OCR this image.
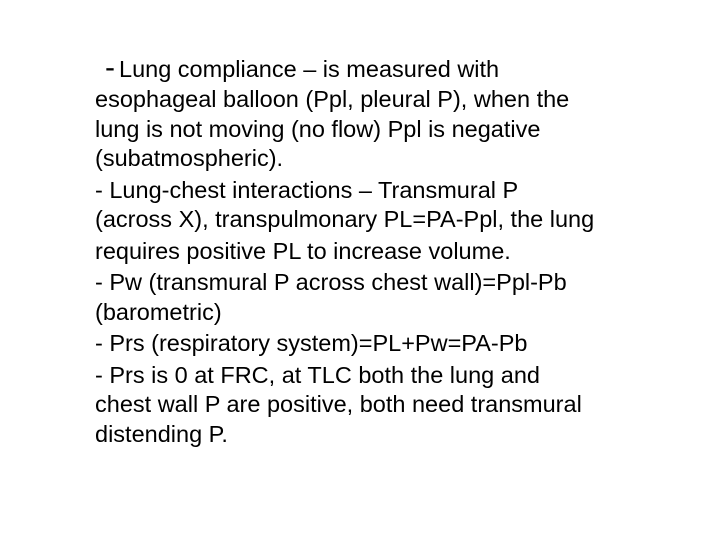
- Lung compliance – is measured with
esophageal balloon (Ppl, pleural P), when the
lung is not moving (no flow) Ppl is negative
(subatmospheric).
- Lung-chest interactions – Transmural P
(across X), transpulmonary PL=PA-Ppl, the lung
requires positive PL to increase volume.
- Pw (transmural P across chest wall)=Ppl-Pb
(barometric)
- Prs (respiratory system)=PL+Pw=PA-Pb
- Prs is 0 at FRC, at TLC both the lung and
chest wall P are positive, both need transmural
distending P.
